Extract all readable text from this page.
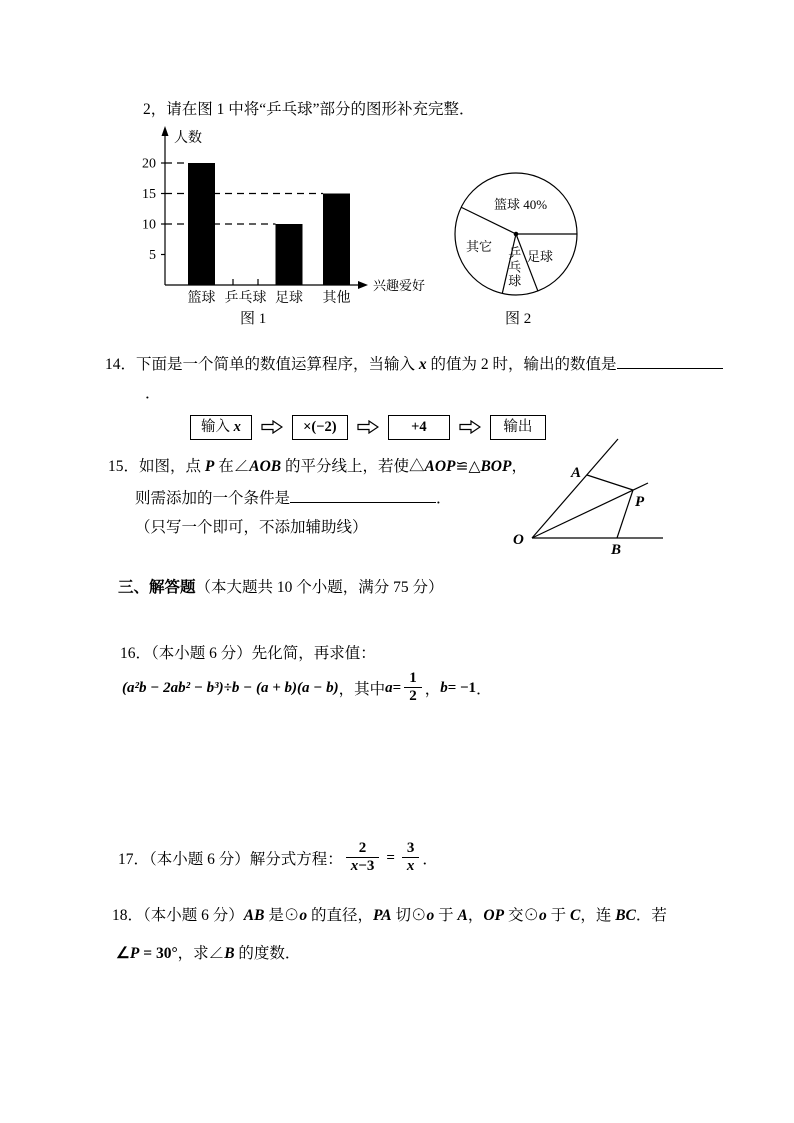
2，请在图 1 中将“乒乓球”部分的图形补充完整．
5
10
15
20
篮球 乒乓球 足球 其他
人数
兴趣爱好
图 1
篮球 40%
其它 乒乓球 足球
图 2
14．下面是一个简单的数值运算程序，当输入 x 的值为 2 时，输出的数值是
．
输入 x	×(−2)	+4	输出
15．如图，点 P 在∠AOB 的平分线上，若使△AOP≌△BOP，
则需添加的一个条件是	．
（只写一个即可，不添加辅助线）
A
P
O
B
三、解答题（本大题共 10 个小题，满分 75 分）
16．（本小题 6 分）先化简，再求值：
(a²b − 2ab² − b³)÷b − (a + b)(a − b) ，其中 $a = \frac{1}{2}$ ， b = −1 ．
17．（本小题 6 分）解分式方程： $\frac{2}{x-3} = \frac{3}{x}$ ．
18．（本小题 6 分）AB 是⊙o 的直径，PA 切⊙o 于 A，OP 交⊙o 于 C，连 BC．若
∠P = 30°，求∠B 的度数．
